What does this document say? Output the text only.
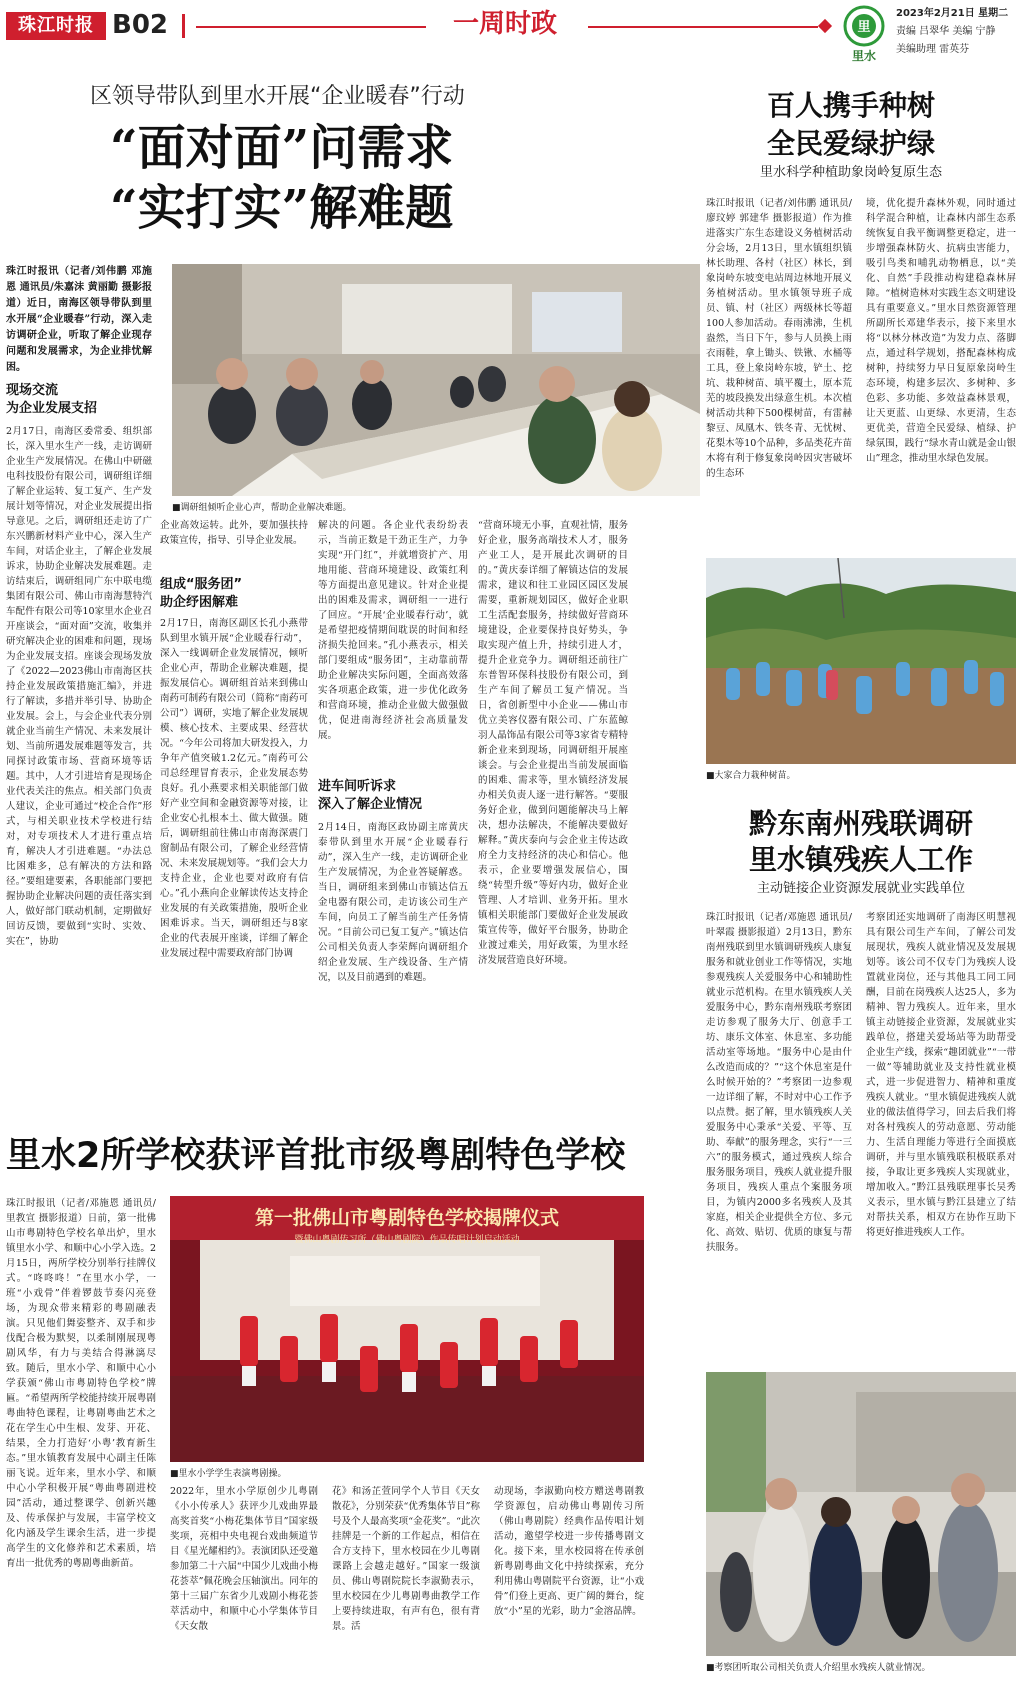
珠江时报 B02	一周时政	里
里水
2023年2月21日 星期二
责编 吕翠华 美编 宁静
美编助理 雷英芬
区领导带队到里水开展“企业暖春”行动
“面对面”问需求
“实打实”解难题

珠江时报讯（记者/刘伟鹏 邓施恩 通讯员/朱嘉沫 黄丽勤 摄影报道）近日，南海区领导带队到里水开展“企业暖春”行动，深入走访调研企业，听取了解企业现存问题和发展需求，为企业排忧解困。

现场交流
为企业发展支招

2月17日，南海区委常委、组织部长，深入里水生产一线，走访调研企业生产发展情况。在佛山中研磁电科技股份有限公司，调研组详细了解企业运转、复工复产、生产发展计划等情况，对企业发展提出指导意见。之后，调研组还走访了广东兴鹏新材料产业中心，深入生产车间，对话企业主，了解企业发展诉求，协助企业解决发展难题。走访结束后，调研组同广东中联电缆集团有限公司、佛山市南海慧特汽车配件有限公司等10家里水企业召开座谈会，“面对面”交流，收集并研究解决企业的困难和问题，现场为企业发展支招。座谈会现场发放了《2022—2023佛山市南海区扶持企业发展政策措施汇编》，并进行了解读，多措并举引导、协助企业发展。会上，与会企业代表分别就企业当前生产情况、未来发展计划、当前所遇发展难题等发言，共同探讨政策市场、营商环境等话题。其中，人才引进培育是现场企业代表关注的焦点。相关部门负责人建议，企业可通过“校企合作”形式，与相关职业技术学校进行结对，对专项技术人才进行重点培育，解决人才引进难题。“办法总比困难多，总有解决的方法和路径。”要组建要素，各职能部门要把握协助企业解决问题的责任落实到人，做好部门联动机制，定期做好回访反馈，要做到“实时、实效、实在”，协助

■调研组倾听企业心声，帮助企业解决难题。

企业高效运转。此外，要加强扶持政策宣传，指导、引导企业发展。

组成“服务团”
助企纾困解难

2月17日，南海区副区长孔小燕带队到里水镇开展“企业暖春行动”，深入一线调研企业发展情况，倾听企业心声，帮助企业解决难题，提振发展信心。调研组首站来到佛山南药可制药有限公司（简称“南药可公司”）调研，实地了解企业发展规模、核心技术、主要成果、经营状况。“今年公司将加大研发投入，力争年产值突破1.2亿元。”南药可公司总经理冒育表示，企业发展态势良好。孔小燕要求相关职能部门做好产业空间和金融资源等对接，让企业安心扎根本土、做大做强。随后，调研组前往佛山市南海深震门窗制品有限公司，了解企业经营情况、未来发展规划等。“我们会大力支持企业，企业也要对政府有信心。”孔小燕向企业解读传达支持企业发展的有关政策措施，殷听企业困难诉求。当天，调研组还与8家企业的代表展开座谈，详细了解企业发展过程中需要政府部门协调

解决的问题。各企业代表纷纷表示，当前正数是干劲正生产，力争实现“开门红”，并就增资扩产、用地用能、营商环境建设、政策红利等方面提出意见建议。针对企业提出的困难及需求，调研组一一进行了回应。“开展‘企业暖春行动’，就是希望把疫情期间耽误的时间和经济损失抢回来。”孔小燕表示，相关部门要组成“服务团”，主动靠前帮助企业解决实际问题，全面高效落实各项惠企政策，进一步优化政务和营商环境，推动企业做大做强做优，促进南海经济社会高质量发展。

进车间听诉求
深入了解企业情况

2月14日，南海区政协副主席黄庆泰带队到里水开展“企业暖春行动”，深入生产一线，走访调研企业生产发展情况，为企业答疑解惑。当日，调研组来到佛山市镇达信五金电器有限公司，走访该公司生产车间，向员工了解当前生产任务情况。“目前公司已复工复产。”镇达信公司相关负责人李荣辉向调研组介绍企业发展、生产线设备、生产情况，以及目前遇到的难题。

“营商环境无小事，直观社情，服务好企业，服务高端技术人才，服务产业工人，是开展此次调研的目的。”黄庆泰详细了解镇达信的发展需求，建议和往工业园区园区发展需要，重新规划园区，做好企业职工生活配套服务，持续做好营商环境建设，企业要保持良好势头，争取实现产值上升，持续引进人才，提升企业竞争力。调研组还前往广东普智环保科技股份有限公司，到生产车间了解员工复产情况。当日，省创新型中小企业——佛山市优立美容仪器有限公司、广东蓝鲸羽人晶饰品有限公司等3家省专精特新企业来到现场，同调研组开展座谈会。与会企业提出当前发展面临的困难、需求等，里水镇经济发展办相关负责人逐一进行解答。“要服务好企业，做到问题能解决马上解决，想办法解决，不能解决要做好解释。”黄庆泰向与会企业主传达政府全力支持经济的决心和信心。他表示，企业要增强发展信心，围绕“转型升级”等好内功，做好企业管理、人才培训、业务开拓。里水镇相关职能部门要做好企业发展政策宣传等，做好平台服务，协助企业渡过难关，用好政策，为里水经济发展营造良好环境。

百人携手种树
全民爱绿护绿
里水科学种植助象岗岭复原生态

珠江时报讯（记者/刘伟鹏 通讯员/廖玟婷 郭建华 摄影报道）作为推进落实广东生态建设义务植树活动分会场，2月13日，里水镇组织镇林长助理、各村（社区）林长，到象岗岭东坡变电站周边林地开展义务植树活动。里水镇领导班子成员、镇、村（社区）两级林长等超100人参加活动。春雨沸沸，生机盎然，当日下午，参与人员换上雨衣雨鞋，拿上锄头、铁锹、水桶等工具，登上象岗岭东坡，铲土、挖坑、栽种树苗、填平覆土，原本荒芜的坡段换发出绿意生机。本次植树活动共种下500棵树苗，有雷赫黎豆、凤凰木、铁冬青、无忧树、花梨木等10个品种，多品类花卉苗木将有利于修复象岗岭因灾害破坏的生态环

境，优化提升森林外观，同时通过科学混合种植，让森林内部生态系统恢复自我平衡调整更稳定，进一步增强森林防火、抗病虫害能力，吸引鸟类和哺乳动物栖息，以“美化、自然”手段推动构建稳森林屏障。“植树造林对实践生态文明建设具有重要意义。”里水目然资源管理所副所长邓建华表示，接下来里水将“以林分林改造”为发力点、落脚点，通过科学规划，搭配森林构成树种，持续努力早日复原象岗岭生态环境，构建多层次、多树种、多色彩、多功能、多效益森林景观，让天更蓝、山更绿、水更清，生态更优美，营造全民爱绿、植绿、护绿氛围，践行“绿水青山就是金山银山”理念，推动里水绿色发展。

■大家合力栽种树苗。
黔东南州残联调研
里水镇残疾人工作
主动链接企业资源发展就业实践单位

珠江时报讯（记者/邓施恩 通讯员/叶翠霞 摄影报道）2月13日，黔东南州残联到里水镇调研残疾人康复服务和就业创业工作等情况，实地参观残疾人关爱服务中心和辅助性就业示范机构。在里水镇残疾人关爱服务中心，黔东南州残联考察团走访参观了服务大厅、创意手工坊、康乐文体室、休息室、多功能活动室等场地。“服务中心是由什么改造而成的？”“这个休息室是什么时候开始的？”考察团一边参观一边详细了解，不时对中心工作予以点赞。据了解，里水镇残疾人关爱服务中心秉承“关爱、平等、互助、奉献”的服务理念，实行“一三六”的服务模式，通过残疾人综合服务服务项目，残疾人就业提升服务项目，残疾人重点个案服务项目，为镇内2000多名残疾人及其家庭，相关企业提供全方位、多元化、高效、贴切、优质的康复与帮扶服务。

考察团还实地调研了南海区明慧视具有限公司生产车间，了解公司发展现状，残疾人就业情况及发展规划等。该公司不仅专门为残疾人设置就业岗位，还与其他具工同工同酬，目前在岗残疾人达25人，多为精神、智力残疾人。近年来，里水镇主动链接企业资源，发展就业实践单位，搭建关爱场站等为助帮受企业生产线，探索“趣团就业”“一带一做”等辅助就业及支持性就业模式，进一步促进智力、精神和重度残疾人就业。“里水镇促进残疾人就业的做法值得学习，回去后我们将对各村残疾人的劳动意愿、劳动能力、生活自理能力等进行全面摸底调研，并与里水镇残联积极联系对接，争取让更多残疾人实现就业，增加收入。”黔江县残联理事长吴秀义表示，里水镇与黔江县建立了结对帮扶关系，相双方在协作互助下将更好推进残疾人工作。

■考察团听取公司相关负责人介绍里水残疾人就业情况。
里水2所学校获评首批市级粤剧特色学校

珠江时报讯（记者/邓施恩 通讯员/里教宣 摄影报道）日前，第一批佛山市粤剧特色学校名单出炉，里水镇里水小学、和顺中心小学入选。2月15日，两所学校分别举行挂牌仪式。“咚咚咚！”在里水小学，一班“小戏骨”伴着锣鼓节奏闪亮登场，为现众带来精彩的粤剧融表演。只见他们舞姿整齐、双手和步伐配合极为默契，以柔制刚展现粤剧风华，有力与美结合得淋漓尽致。随后，里水小学、和顺中心小学获颁“佛山市粤剧特色学校”牌匾。“希望两所学校能持续开展粤剧粤曲特色课程，让粤剧粤曲艺术之花在学生心中生根、发芽、开花、结果，全力打造好‘小粤’教育新生态。”里水镇教育发展中心副主任陈丽飞说。近年来，里水小学、和顺中心小学积极开展“粤曲粤剧进校园”活动，通过整课学、创新兴趣及、传承保护与发展，丰富学校文化内涵及学生课余生活，进一步提高学生的文化修养和艺术素质，培育出一批优秀的粤剧粤曲新苗。

第一批佛山市粤剧特色学校揭牌仪式
暨佛山粤剧传习所（佛山粤剧院）作品传唱计划启动活动
■里水小学学生表演粤剧操。

2022年，里水小学原创少儿粤剧《小小传承人》获评少儿戏曲界最高奖首奖“小梅花集体节目”国家级奖项，亮相中央电视台戏曲频道节目《星光耀相约》。表演团队还受邀参加第二十六届“中国少儿戏曲小梅花荟萃”佩花晚会压轴演出。同年的第十三届广东省少儿戏剧小梅花荟萃活动中，和顺中心小学集体节目《天女散

花》和汤芷萱同学个人节目《天女散花》，分别荣获“优秀集体节目”称号及个人最高奖项“金花奖”。“此次挂牌是一个新的工作起点，相信在合方支持下，里水校园在少儿粤剧课路上会越走越好。”国家一级演员、佛山粤剧院院长李淑勤表示，里水校园在少儿粤剧粤曲教学工作上要持续进取，有声有色，很有背景。活

动现场，李淑勤向校方赠送粤剧教学资源包，启动佛山粤剧传习所（佛山粤剧院）经典作品传唱计划活动，邀望学校进一步传播粤剧文化。接下来，里水校园将在传承创新粤剧粤曲文化中持续探索，充分利用佛山粤剧院平台资源，让“小戏骨”们登上更高、更广阔的舞台，绽放“小”星的光彩，助力”金溶品牌。
